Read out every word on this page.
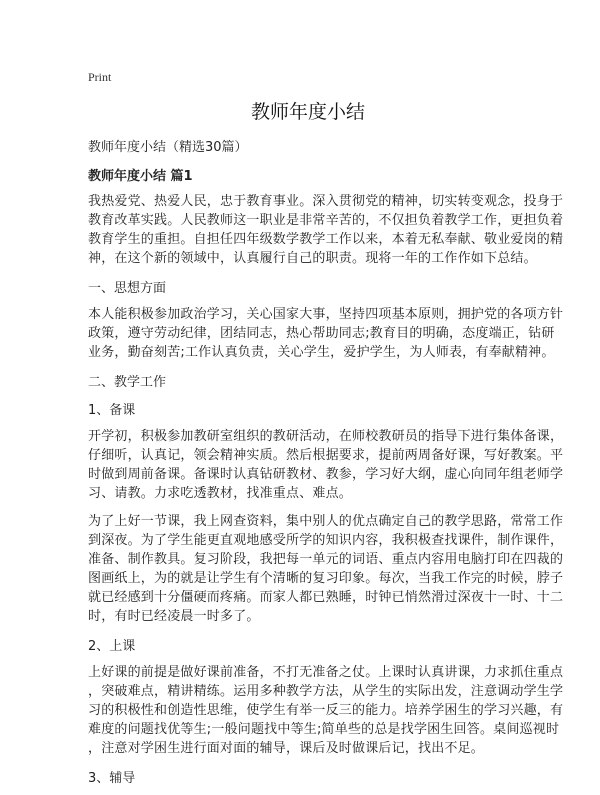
Print
教师年度小结
教师年度小结（精选30篇）
教师年度小结 篇1
我热爱党、热爱人民，忠于教育事业。深入贯彻党的精神，切实转变观念，投身于
教育改革实践。人民教师这一职业是非常辛苦的，不仅担负着教学工作，更担负着
教育学生的重担。自担任四年级数学教学工作以来，本着无私奉献、敬业爱岗的精
神，在这个新的领域中，认真履行自己的职责。现将一年的工作作如下总结。
一、思想方面
本人能积极参加政治学习，关心国家大事，坚持四项基本原则，拥护党的各项方针
政策，遵守劳动纪律，团结同志，热心帮助同志;教育目的明确，态度端正，钻研
业务，勤奋刻苦;工作认真负责，关心学生，爱护学生，为人师表，有奉献精神。
二、教学工作
1、备课
开学初，积极参加教研室组织的教研活动，在师校教研员的指导下进行集体备课，
仔细听，认真记，领会精神实质。然后根据要求，提前两周备好课，写好教案。平
时做到周前备课。备课时认真钻研教材、教参，学习好大纲，虚心向同年组老师学
习、请教。力求吃透教材，找准重点、难点。
为了上好一节课，我上网查资料，集中别人的优点确定自己的教学思路，常常工作
到深夜。为了学生能更直观地感受所学的知识内容，我积极查找课件，制作课件，
准备、制作教具。复习阶段，我把每一单元的词语、重点内容用电脑打印在四裁的
图画纸上，为的就是让学生有个清晰的复习印象。每次，当我工作完的时候，脖子
就已经感到十分僵硬而疼痛。而家人都已熟睡，时钟已悄然滑过深夜十一时、十二
时，有时已经凌晨一时多了。
2、上课
上好课的前提是做好课前准备，不打无准备之仗。上课时认真讲课，力求抓住重点
，突破难点，精讲精练。运用多种教学方法，从学生的实际出发，注意调动学生学
习的积极性和创造性思维，使学生有举一反三的能力。培养学困生的学习兴趣，有
难度的问题找优等生;一般问题找中等生;简单些的总是找学困生回答。桌间巡视时
，注意对学困生进行面对面的辅导，课后及时做课后记，找出不足。
3、辅导
